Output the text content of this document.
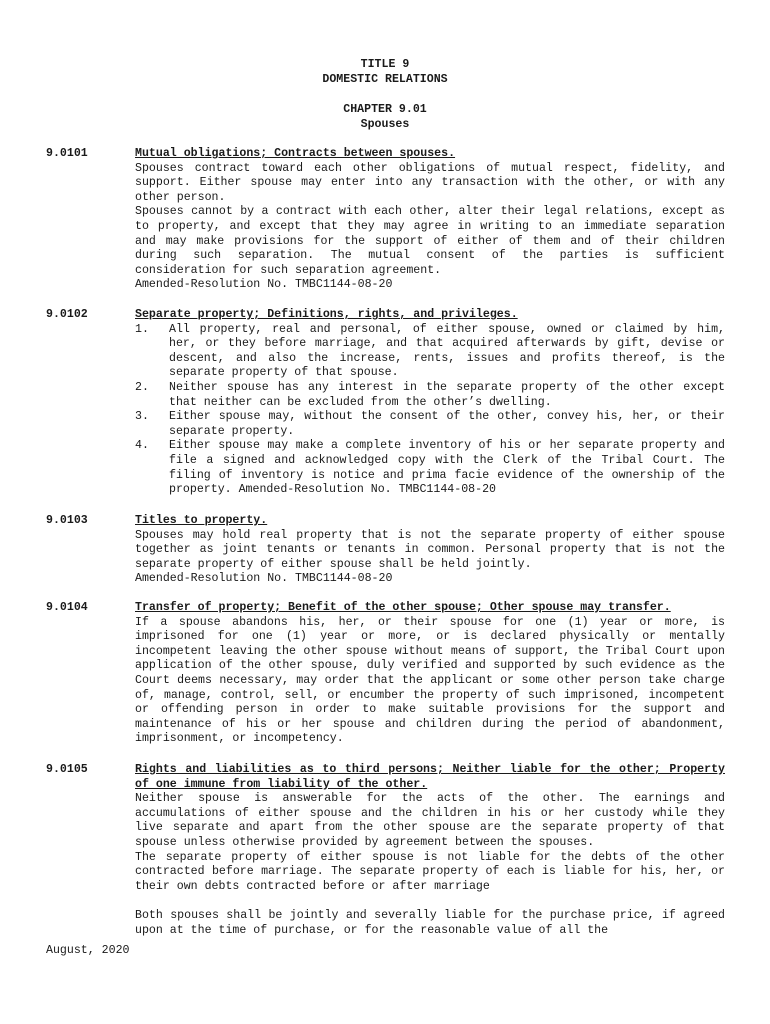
TITLE 9
DOMESTIC RELATIONS
CHAPTER 9.01
Spouses
9.0101	Mutual obligations; Contracts between spouses.
Spouses contract toward each other obligations of mutual respect, fidelity, and support. Either spouse may enter into any transaction with the other, or with any other person.
Spouses cannot by a contract with each other, alter their legal relations, except as to property, and except that they may agree in writing to an immediate separation and may make provisions for the support of either of them and of their children during such separation. The mutual consent of the parties is sufficient consideration for such separation agreement.
Amended-Resolution No. TMBC1144-08-20
9.0102	Separate property; Definitions, rights, and privileges.
1.	All property, real and personal, of either spouse, owned or claimed by him, her, or they before marriage, and that acquired afterwards by gift, devise or descent, and also the increase, rents, issues and profits thereof, is the separate property of that spouse.
2.	Neither spouse has any interest in the separate property of the other except that neither can be excluded from the other’s dwelling.
3.	Either spouse may, without the consent of the other, convey his, her, or their separate property.
4.	Either spouse may make a complete inventory of his or her separate property and file a signed and acknowledged copy with the Clerk of the Tribal Court. The filing of inventory is notice and prima facie evidence of the ownership of the property. Amended-Resolution No. TMBC1144-08-20
9.0103	Titles to property.
Spouses may hold real property that is not the separate property of either spouse together as joint tenants or tenants in common. Personal property that is not the separate property of either spouse shall be held jointly.
Amended-Resolution No. TMBC1144-08-20
9.0104	Transfer of property; Benefit of the other spouse; Other spouse may transfer.
If a spouse abandons his, her, or their spouse for one (1) year or more, is imprisoned for one (1) year or more, or is declared physically or mentally incompetent leaving the other spouse without means of support, the Tribal Court upon application of the other spouse, duly verified and supported by such evidence as the Court deems necessary, may order that the applicant or some other person take charge of, manage, control, sell, or encumber the property of such imprisoned, incompetent or offending person in order to make suitable provisions for the support and maintenance of his or her spouse and children during the period of abandonment, imprisonment, or incompetency.
9.0105	Rights and liabilities as to third persons; Neither liable for the other; Property of one immune from liability of the other.
Neither spouse is answerable for the acts of the other. The earnings and accumulations of either spouse and the children in his or her custody while they live separate and apart from the other spouse are the separate property of that spouse unless otherwise provided by agreement between the spouses.
The separate property of either spouse is not liable for the debts of the other contracted before marriage. The separate property of each is liable for his, her, or their own debts contracted before or after marriage
Both spouses shall be jointly and severally liable for the purchase price, if agreed upon at the time of purchase, or for the reasonable value of all the
August, 2020
